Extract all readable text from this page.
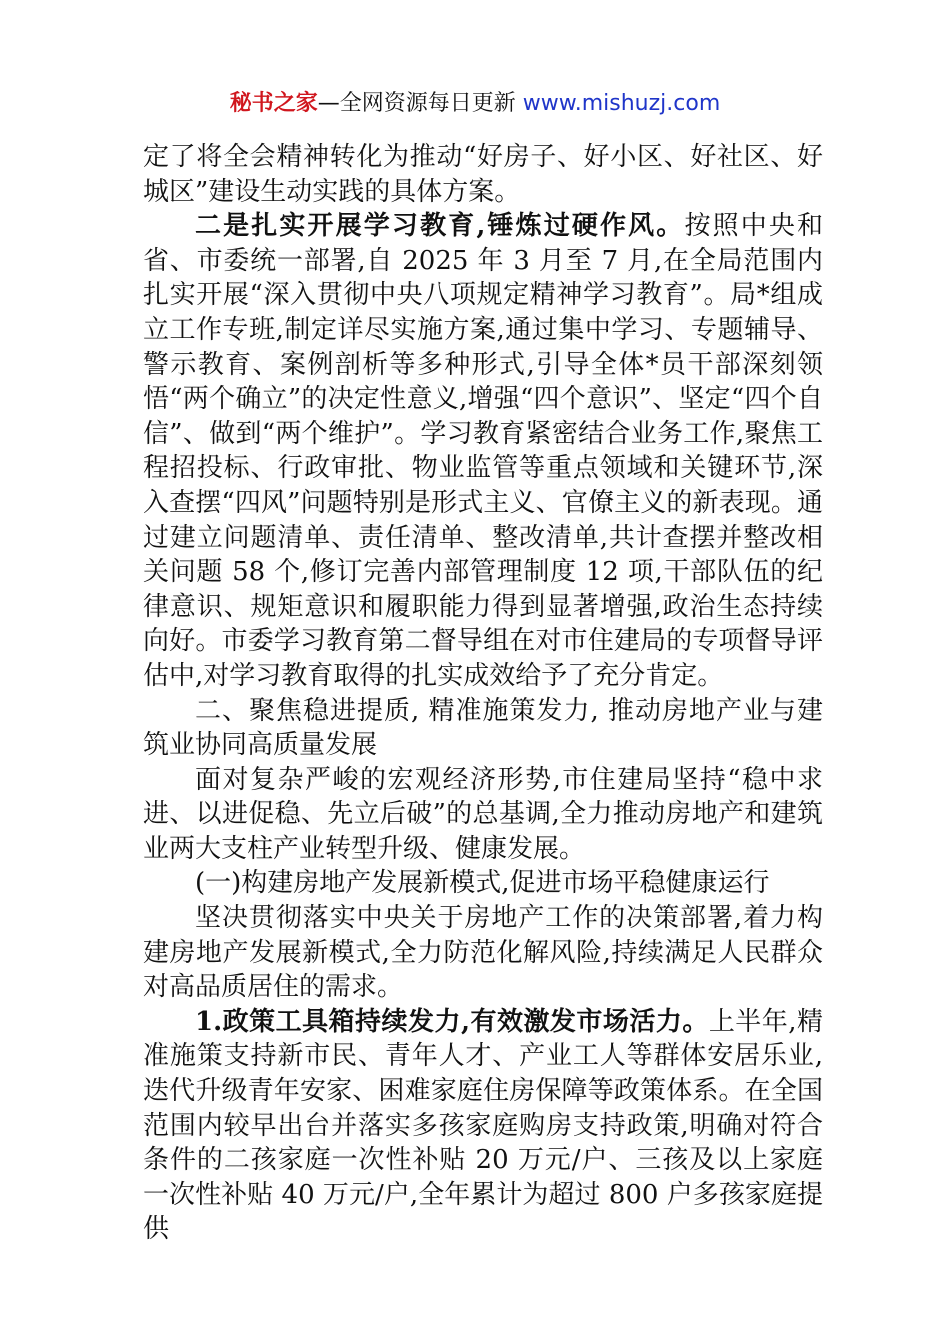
秘书之家—全网资源每日更新 www.mishuzj.com

定了将全会精神转化为推动“好房子、好小区、好社区、好城区”建设生动实践的具体方案。

二是扎实开展学习教育,锤炼过硬作风。按照中央和省、市委统一部署,自 2025 年 3 月至 7 月,在全局范围内扎实开展“深入贯彻中央八项规定精神学习教育”。局*组成立工作专班,制定详尽实施方案,通过集中学习、专题辅导、警示教育、案例剖析等多种形式,引导全体*员干部深刻领悟“两个确立”的决定性意义,增强“四个意识”、坚定“四个自信”、做到“两个维护”。学习教育紧密结合业务工作,聚焦工程招投标、行政审批、物业监管等重点领域和关键环节,深入查摆“四风”问题特别是形式主义、官僚主义的新表现。通过建立问题清单、责任清单、整改清单,共计查摆并整改相关问题 58 个,修订完善内部管理制度 12 项,干部队伍的纪律意识、规矩意识和履职能力得到显著增强,政治生态持续向好。市委学习教育第二督导组在对市住建局的专项督导评估中,对学习教育取得的扎实成效给予了充分肯定。

二、聚焦稳进提质, 精准施策发力, 推动房地产业与建筑业协同高质量发展

面对复杂严峻的宏观经济形势,市住建局坚持“稳中求进、以进促稳、先立后破”的总基调,全力推动房地产和建筑业两大支柱产业转型升级、健康发展。

(一)构建房地产发展新模式,促进市场平稳健康运行

坚决贯彻落实中央关于房地产工作的决策部署,着力构建房地产发展新模式,全力防范化解风险,持续满足人民群众对高品质居住的需求。

1.政策工具箱持续发力,有效激发市场活力。上半年,精准施策支持新市民、青年人才、产业工人等群体安居乐业,迭代升级青年安家、困难家庭住房保障等政策体系。在全国范围内较早出台并落实多孩家庭购房支持政策,明确对符合条件的二孩家庭一次性补贴 20 万元/户、三孩及以上家庭一次性补贴 40 万元/户,全年累计为超过 800 户多孩家庭提供
